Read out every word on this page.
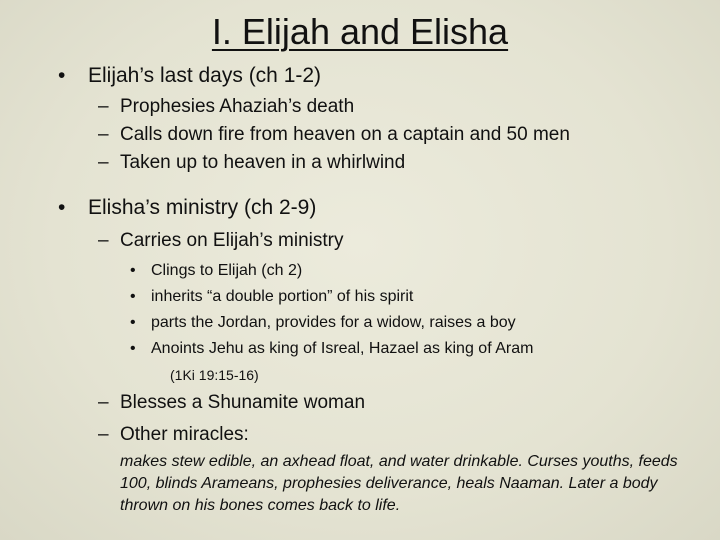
I. Elijah and Elisha
• Elijah’s last days (ch 1-2)
– Prophesies Ahaziah’s death
– Calls down fire from heaven on a captain and 50 men
– Taken up to heaven in a whirlwind
• Elisha’s ministry (ch 2-9)
– Carries on Elijah’s ministry
• Clings to Elijah (ch 2)
• inherits “a double portion” of his spirit
• parts the Jordan, provides for a widow, raises a boy
• Anoints Jehu as king of Isreal, Hazael as king of Aram
(1Ki 19:15-16)
– Blesses a Shunamite woman
– Other miracles:
makes stew edible, an axhead float, and water drinkable. Curses youths, feeds 100, blinds Arameans, prophesies deliverance, heals Naaman. Later a body thrown on his bones comes back to life.
